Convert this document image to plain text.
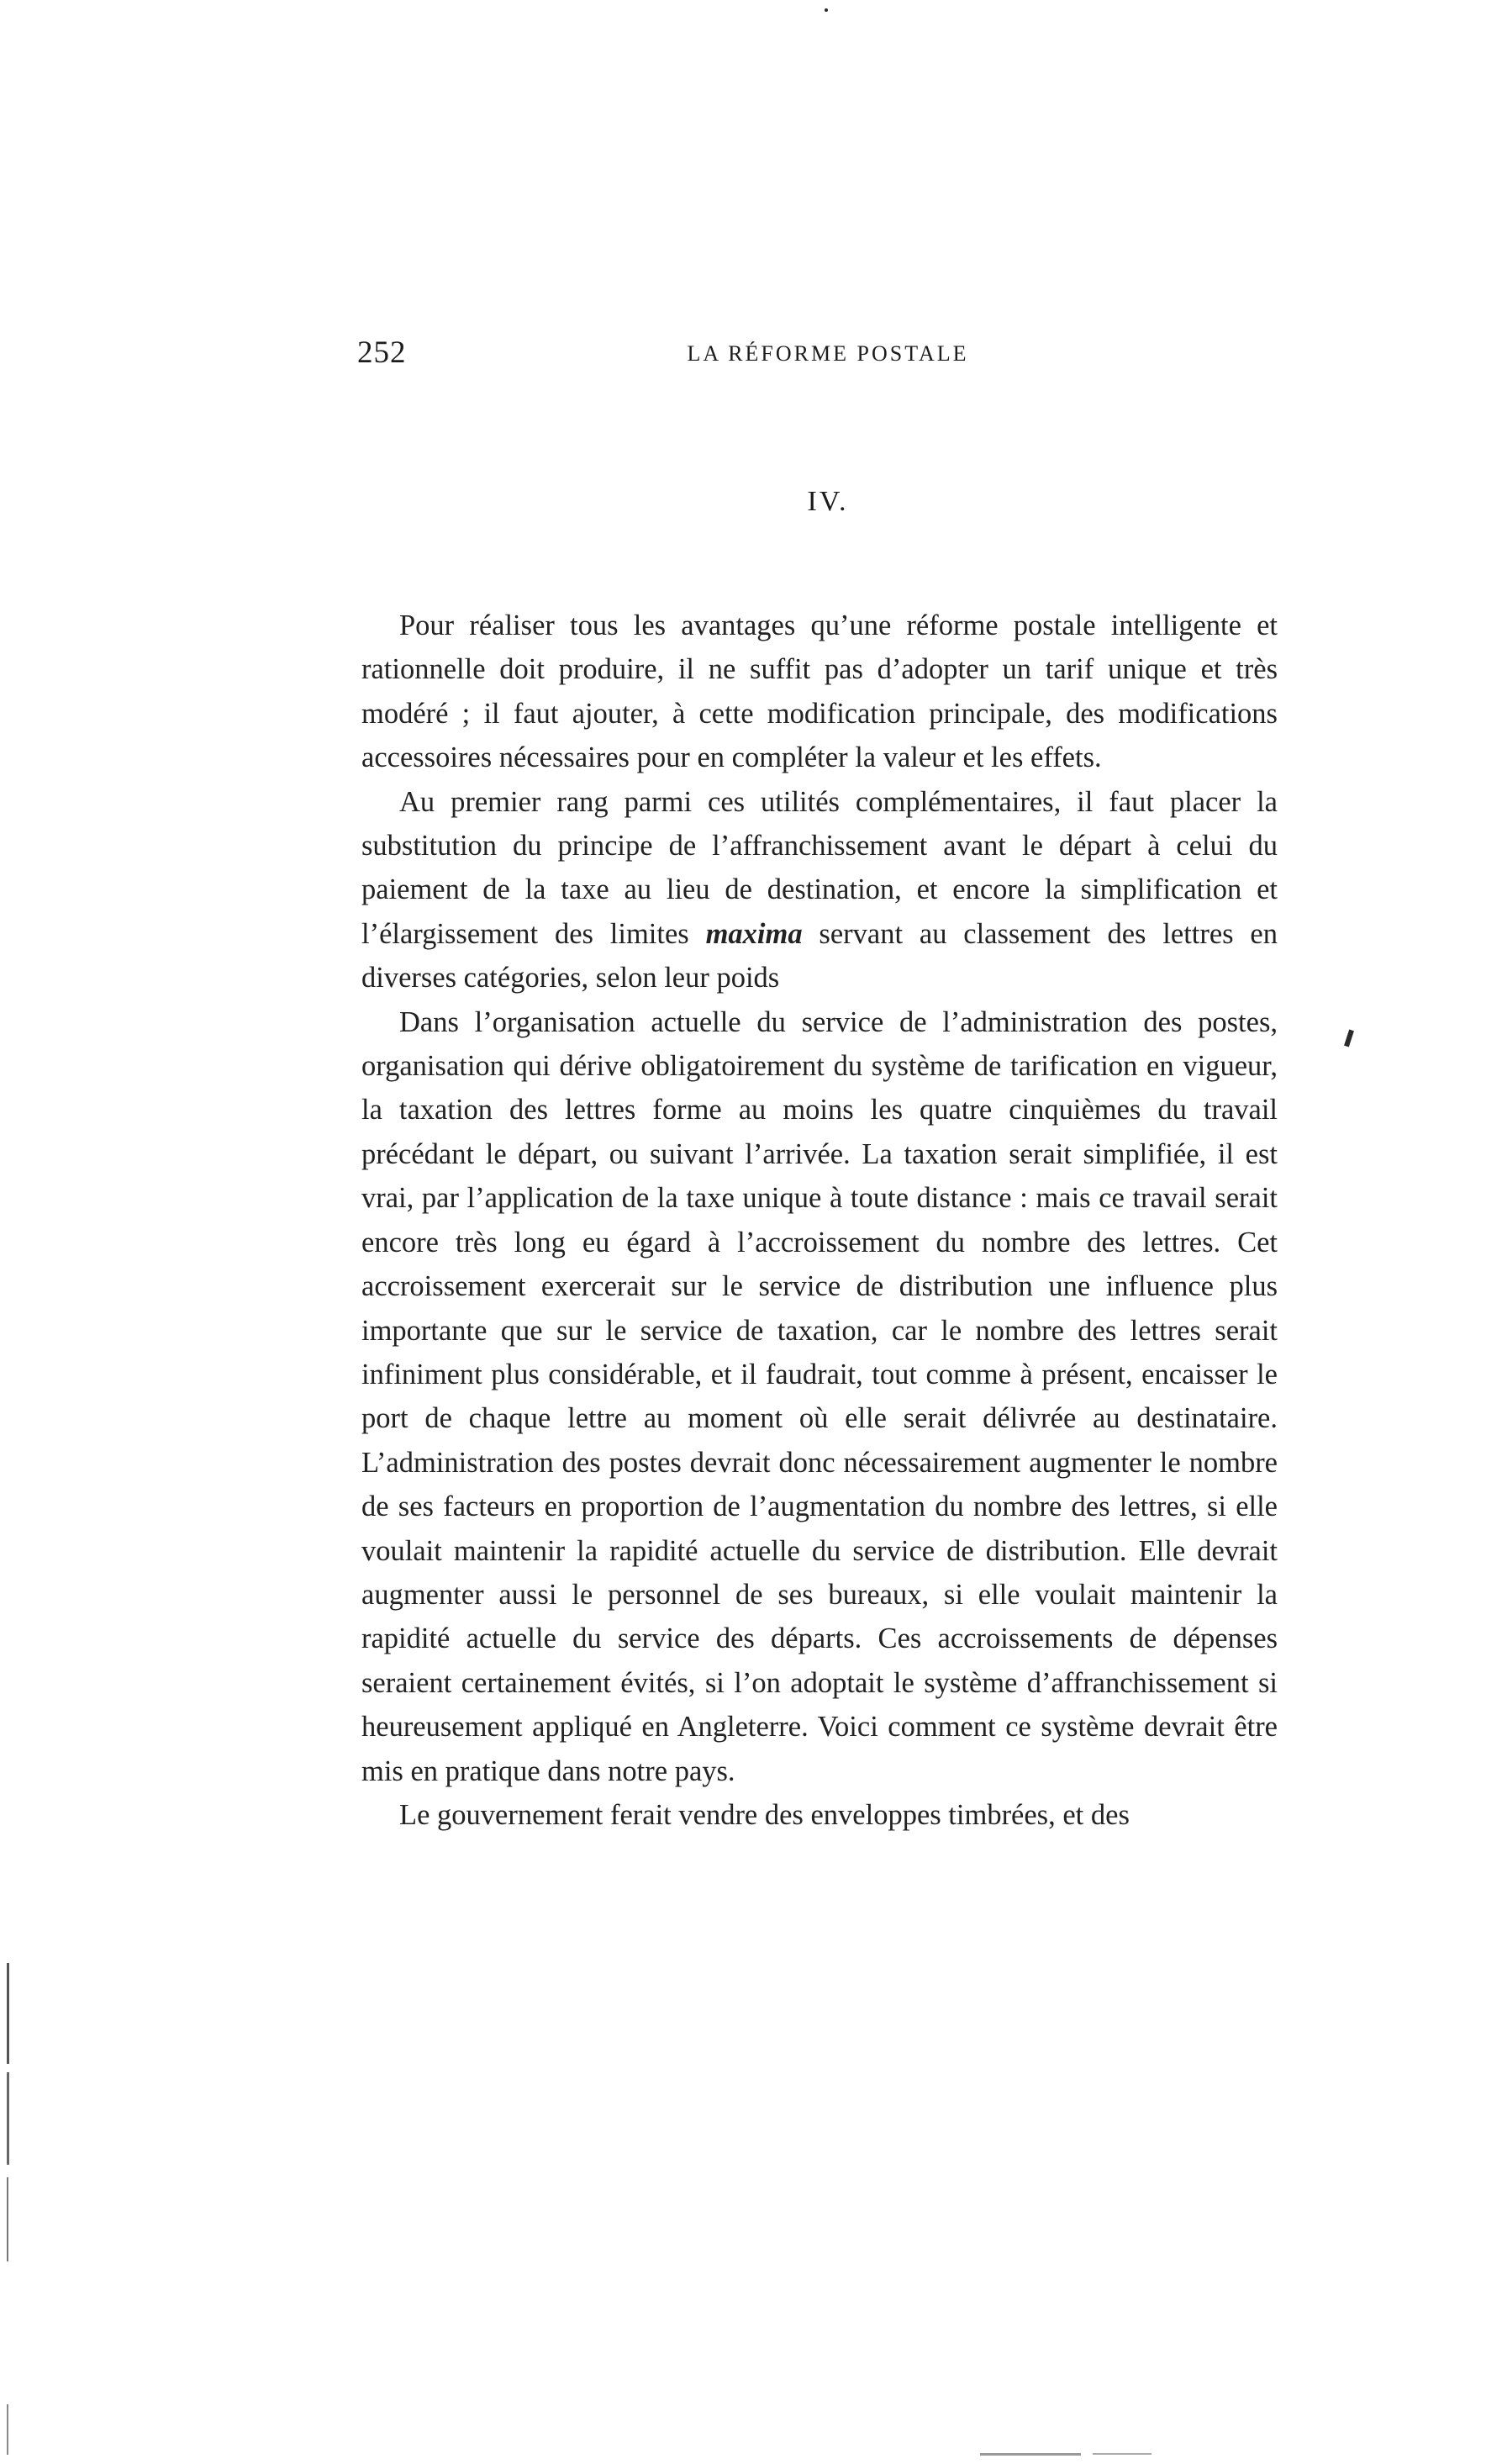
252	LA RÉFORME POSTALE
IV.

Pour réaliser tous les avantages qu’une réforme postale intelligente et rationnelle doit produire, il ne suffit pas d’adopter un tarif unique et très modéré ; il faut ajouter, à cette modification principale, des modifications accessoires nécessaires pour en compléter la valeur et les effets.

Au premier rang parmi ces utilités complémentaires, il faut placer la substitution du principe de l’affranchissement avant le départ à celui du paiement de la taxe au lieu de destination, et encore la simplification et l’élargissement des limites maxima servant au classement des lettres en diverses catégories, selon leur poids

Dans l’organisation actuelle du service de l’administration des postes, organisation qui dérive obligatoirement du système de tarification en vigueur, la taxation des lettres forme au moins les quatre cinquièmes du travail précédant le départ, ou suivant l’arrivée. La taxation serait simplifiée, il est vrai, par l’application de la taxe unique à toute distance : mais ce travail serait encore très long eu égard à l’accroissement du nombre des lettres. Cet accroissement exercerait sur le service de distribution une influence plus importante que sur le service de taxation, car le nombre des lettres serait infiniment plus considérable, et il faudrait, tout comme à présent, encaisser le port de chaque lettre au moment où elle serait délivrée au destinataire. L’administration des postes devrait donc nécessairement augmenter le nombre de ses facteurs en proportion de l’augmentation du nombre des lettres, si elle voulait maintenir la rapidité actuelle du service de distribution. Elle devrait augmenter aussi le personnel de ses bureaux, si elle voulait maintenir la rapidité actuelle du service des départs. Ces accroissements de dépenses seraient certainement évités, si l’on adoptait le système d’affranchissement si heureusement appliqué en Angleterre. Voici comment ce système devrait être mis en pratique dans notre pays.

Le gouvernement ferait vendre des enveloppes timbrées, et des
